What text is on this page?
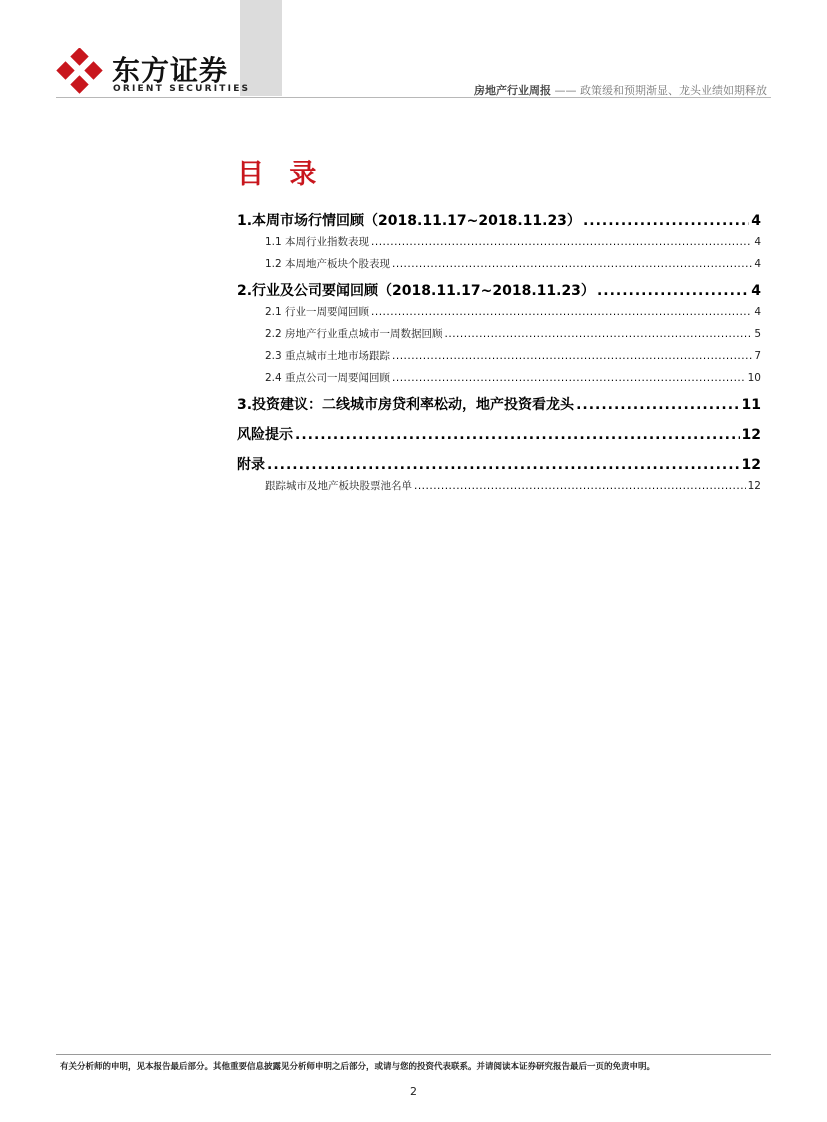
东方证券
ORIENT SECURITIES	房地产行业周报 —— 政策缓和预期渐显、龙头业绩如期释放
目 录
1.本周市场行情回顾（2018.11.17~2018.11.23） .....	4
1.1 本周行业指数表现 .....	4
1.2 本周地产板块个股表现 .....	4
2.行业及公司要闻回顾（2018.11.17~2018.11.23） .....	4
2.1 行业一周要闻回顾 .....	4
2.2 房地产行业重点城市一周数据回顾 .....	5
2.3 重点城市土地市场跟踪 .....	7
2.4 重点公司一周要闻回顾 .....	10
3.投资建议：二线城市房贷利率松动，地产投资看龙头 .....	11
风险提示 .....	12
附录 .....	12
跟踪城市及地产板块股票池名单 .....	12
有关分析师的申明，见本报告最后部分。其他重要信息披露见分析师申明之后部分，或请与您的投资代表联系。并请阅读本证券研究报告最后一页的免责申明。
2
